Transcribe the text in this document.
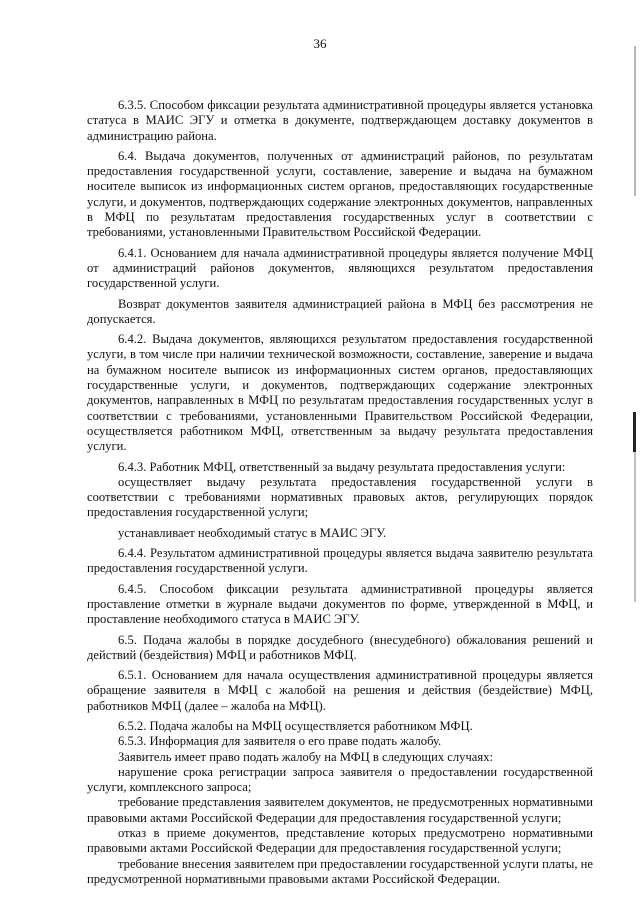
36

6.3.5. Способом фиксации результата административной процедуры является установка статуса в МАИС ЭГУ и отметка в документе, подтверждающем доставку документов в администрацию района.

6.4. Выдача документов, полученных от администраций районов, по результатам предоставления государственной услуги, составление, заверение и выдача на бумажном носителе выписок из информационных систем органов, предоставляющих государственные услуги, и документов, подтверждающих содержание электронных документов, направленных в МФЦ по результатам предоставления государственных услуг в соответствии с требованиями, установленными Правительством Российской Федерации.

6.4.1. Основанием для начала административной процедуры является получение МФЦ от администраций районов документов, являющихся результатом предоставления государственной услуги.

Возврат документов заявителя администрацией района в МФЦ без рассмотрения не допускается.

6.4.2. Выдача документов, являющихся результатом предоставления государственной услуги, в том числе при наличии технической возможности, составление, заверение и выдача на бумажном носителе выписок из информационных систем органов, предоставляющих государственные услуги, и документов, подтверждающих содержание электронных документов, направленных в МФЦ по результатам предоставления государственных услуг в соответствии с требованиями, установленными Правительством Российской Федерации, осуществляется работником МФЦ, ответственным за выдачу результата предоставления услуги.

6.4.3. Работник МФЦ, ответственный за выдачу результата предоставления услуги:

осуществляет выдачу результата предоставления государственной услуги в соответствии с требованиями нормативных правовых актов, регулирующих порядок предоставления государственной услуги;

устанавливает необходимый статус в МАИС ЭГУ.

6.4.4. Результатом административной процедуры является выдача заявителю результата предоставления государственной услуги.

6.4.5. Способом фиксации результата административной процедуры является проставление отметки в журнале выдачи документов по форме, утвержденной в МФЦ, и проставление необходимого статуса в МАИС ЭГУ.

6.5. Подача жалобы в порядке досудебного (внесудебного) обжалования решений и действий (бездействия) МФЦ и работников МФЦ.

6.5.1. Основанием для начала осуществления административной процедуры является обращение заявителя в МФЦ с жалобой на решения и действия (бездействие) МФЦ, работников МФЦ (далее – жалоба на МФЦ).

6.5.2. Подача жалобы на МФЦ осуществляется работником МФЦ.

6.5.3. Информация для заявителя о его праве подать жалобу.

Заявитель имеет право подать жалобу на МФЦ в следующих случаях:

нарушение срока регистрации запроса заявителя о предоставлении государственной услуги, комплексного запроса;

требование представления заявителем документов, не предусмотренных нормативными правовыми актами Российской Федерации для предоставления государственной услуги;

отказ в приеме документов, представление которых предусмотрено нормативными правовыми актами Российской Федерации для предоставления государственной услуги;

требование внесения заявителем при предоставлении государственной услуги платы, не предусмотренной нормативными правовыми актами Российской Федерации.
